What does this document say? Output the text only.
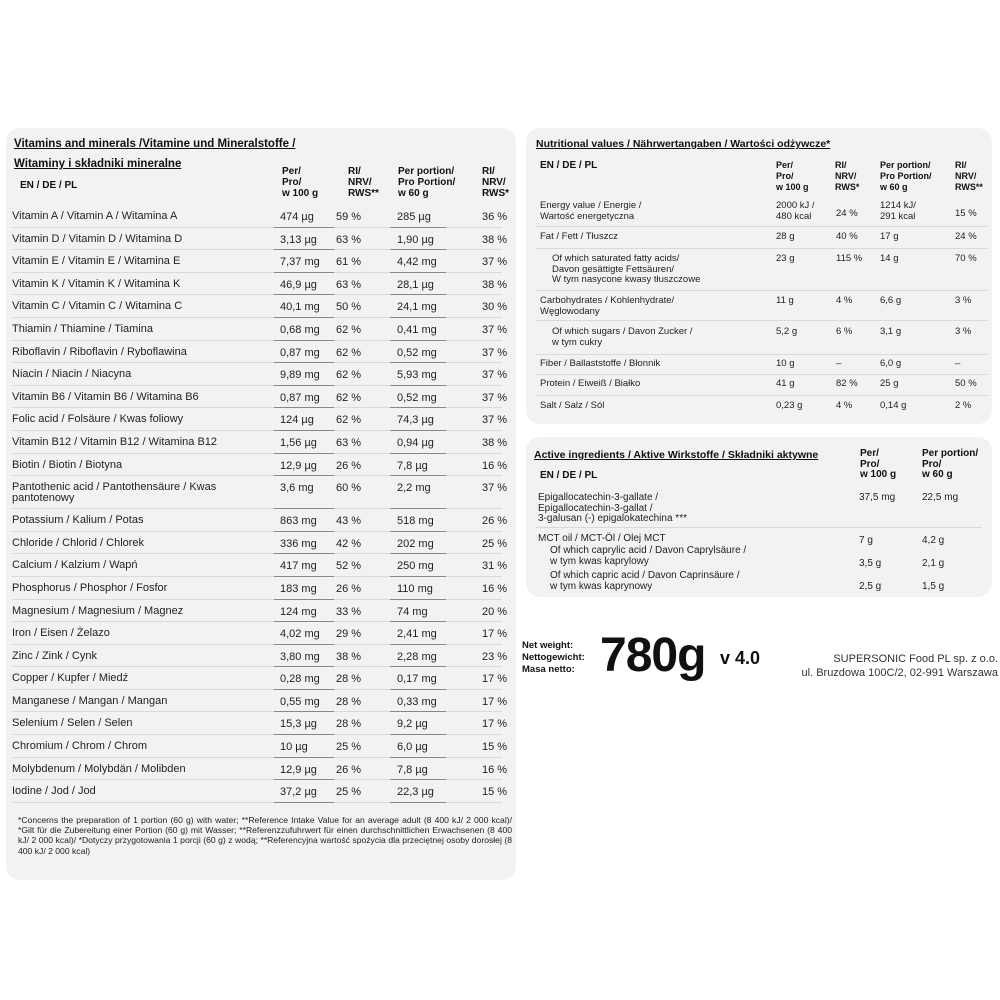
Vitamins and minerals /Vitamine und Mineralstoffe /
Witaminy i składniki mineralne
EN / DE / PL
Per/
Pro/
w 100 g
RI/
NRV/
RWS**
Per portion/
Pro Portion/
w 60 g
RI/
NRV/
RWS*
Vitamin A / Vitamin A / Witamina A	474 µg 59 %	285 µg	36 %
Vitamin D / Vitamin D / Witamina D	3,13 µg 63 %	1,90 µg	38 %
Vitamin E / Vitamin E / Witamina E	7,37 mg 61 %	4,42 mg	37 %
Vitamin K / Vitamin K / Witamina K	46,9 µg 63 %	28,1 µg	38 %
Vitamin C / Vitamin C / Witamina C	40,1 mg 50 %	24,1 mg	30 %
Thiamin / Thiamine / Tiamina	0,68 mg 62 %	0,41 mg	37 %
Riboflavin / Riboflavin / Ryboflawina	0,87 mg 62 %	0,52 mg	37 %
Niacin / Niacin / Niacyna	9,89 mg 62 %	5,93 mg	37 %
Vitamin B6 / Vitamin B6 / Witamina B6	0,87 mg 62 %	0,52 mg	37 %
Folic acid / Folsäure / Kwas foliowy	124 µg 62 %	74,3 µg	37 %
Vitamin B12 / Vitamin B12 / Witamina B12	1,56 µg 63 %	0,94 µg	38 %
Biotin / Biotin / Biotyna	12,9 µg 26 %	7,8 µg	16 %
Pantothenic acid / Pantothensäure / Kwas pantotenowy
3,6 mg 60 %	2,2 mg	37 %
Potassium / Kalium / Potas	863 mg 43 %	518 mg	26 %
Chloride / Chlorid / Chlorek	336 mg 42 %	202 mg	25 %
Calcium / Kalzium / Wapń	417 mg 52 %	250 mg	31 %
Phosphorus / Phosphor / Fosfor	183 mg 26 %	110 mg	16 %
Magnesium / Magnesium / Magnez	124 mg 33 %	74 mg	20 %
Iron / Eisen / Żelazo	4,02 mg 29 %	2,41 mg	17 %
Zinc / Zink / Cynk	3,80 mg 38 %	2,28 mg	23 %
Copper / Kupfer / Miedź	0,28 mg 28 %	0,17 mg	17 %
Manganese / Mangan / Mangan	0,55 mg 28 %	0,33 mg	17 %
Selenium / Selen / Selen	15,3 µg 28 %	9,2 µg	17 %
Chromium / Chrom / Chrom	10 µg	25 %	6,0 µg	15 %
Molybdenum / Molybdän / Molibden	12,9 µg 26 %	7,8 µg	16 %
Iodine / Jod / Jod	37,2 µg 25 %	22,3 µg	15 %
*Concerns the preparation of 1 portion (60 g) with water; **Reference Intake Value for an average adult (8 400 kJ/ 2 000 kcal)/ *Gilt für die Zubereitung einer Portion (60 g) mit Wasser; **Referenzzufuhrwert für einen durchschnittlichen Erwachsenen (8 400 kJ/ 2 000 kcal)/ *Dotyczy przygotowania 1 porcji (60 g) z wodą; **Referencyjna wartość spożycia dla przeciętnej osoby dorosłej (8 400 kJ/ 2 000 kcal)
Nutritional values / Nährwertangaben / Wartości odżywcze*
EN / DE / PL	Per/
Pro/
w 100 g
RI/
NRV/
RWS*
Per portion/
Pro Portion/
w 60 g
RI/
NRV/
RWS**
Energy value / Energie /
Wartość energetyczna
2000 kJ /
480 kcal	24 %
1214 kJ/
291 kcal	15 %
Fat / Fett / Tłuszcz	28 g	40 % 17 g	24 %
Of which saturated fatty acids/
Davon gesättigte Fettsäuren/
W tym nasycone kwasy tłuszczowe
23 g	115 % 14 g	70 %
Carbohydrates / Kohlenhydrate/
Węglowodany
11 g	4 %	6,6 g	3 %
Of which sugars / Davon Zucker /
w tym cukry
5,2 g	6 %	3,1 g	3 %
Fiber / Ballaststoffe / Błonnik	10 g	–	6,0 g	–
Protein / Eiweiß / Białko	41 g	82 % 25 g	50 %
Salt / Salz / Sól	0,23 g	4 %	0,14 g	2 %
Active ingredients / Aktive Wirkstoffe / Składniki aktywne
EN / DE / PL
Per/
Pro/
w 100 g
Per portion/
Pro/
w 60 g
Epigallocatechin-3-gallate /
Epigallocatechin-3-gallat /
3-galusan (-) epigalokatechina ***
37,5 mg	22,5 mg
MCT oil / MCT-Öl / Olej MCT	7 g	4,2 g
Of which caprylic acid / Davon Caprylsäure /
w tym kwas kaprylowy	3,5 g	2,1 g
Of which capric acid / Davon Caprinsäure /
w tym kwas kaprynowy	2,5 g	1,5 g
Net weight:
Nettogewicht:
Masa netto: 780g v 4.0	SUPERSONIC Food PL sp. z o.o.
ul. Bruzdowa 100C/2, 02-991 Warszawa
